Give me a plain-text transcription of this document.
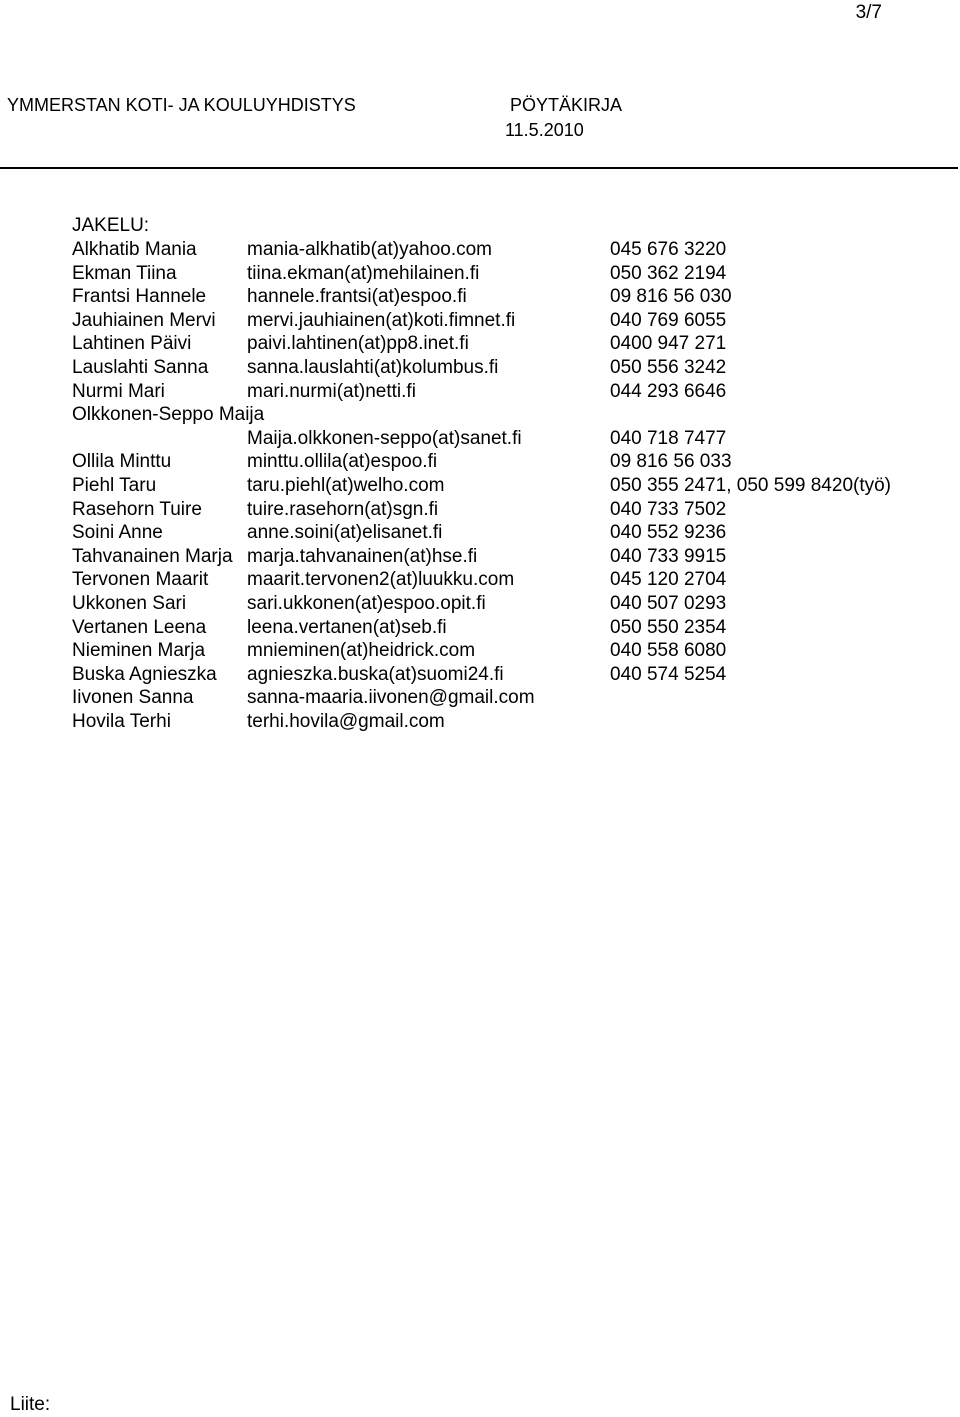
3/7
YMMERSTAN KOTI- JA KOULUYHDISTYS	PÖYTÄKIRJA
11.5.2010
JAKELU:
Alkhatib Mania	mania-alkhatib(at)yahoo.com	045 676 3220
Ekman Tiina	tiina.ekman(at)mehilainen.fi	050 362 2194
Frantsi Hannele hannele.frantsi(at)espoo.fi	09 816 56 030
Jauhiainen Mervi mervi.jauhiainen(at)koti.fimnet.fi	040 769 6055
Lahtinen Päivi	paivi.lahtinen(at)pp8.inet.fi	0400 947 271
Lauslahti Sanna sanna.lauslahti(at)kolumbus.fi	050 556 3242
Nurmi Mari	mari.nurmi(at)netti.fi	044 293 6646
Olkkonen-Seppo Maija
Maija.olkkonen-seppo(at)sanet.fi	040 718 7477
Ollila Minttu	minttu.ollila(at)espoo.fi	09 816 56 033
Piehl Taru	taru.piehl(at)welho.com	050 355 2471, 050 599 8420(työ)
Rasehorn Tuire tuire.rasehorn(at)sgn.fi	040 733 7502
Soini Anne	anne.soini(at)elisanet.fi	040 552 9236
Tahvanainen Marja marja.tahvanainen(at)hse.fi	040 733 9915
Tervonen Maarit maarit.tervonen2(at)luukku.com	045 120 2704
Ukkonen Sari	sari.ukkonen(at)espoo.opit.fi	040 507 0293
Vertanen Leena leena.vertanen(at)seb.fi	050 550 2354
Nieminen Marja mnieminen(at)heidrick.com	040 558 6080
Buska Agnieszka agnieszka.buska(at)suomi24.fi	040 574 5254
Iivonen Sanna	sanna-maaria.iivonen@gmail.com
Hovila Terhi	terhi.hovila@gmail.com
Liite:
